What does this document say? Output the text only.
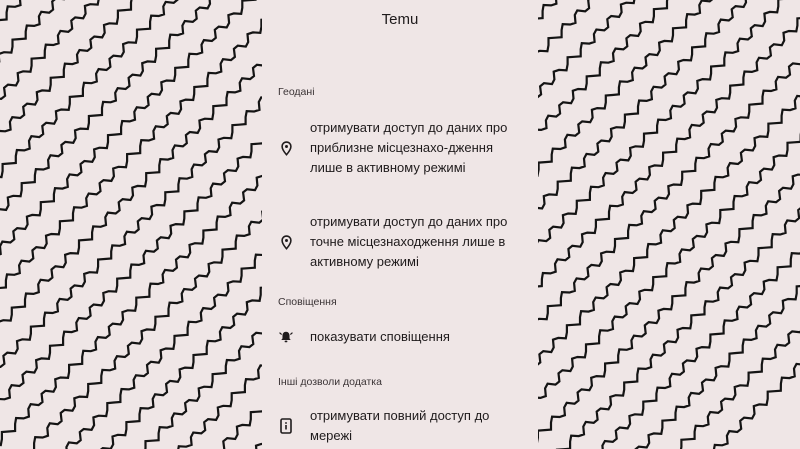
Temu
Геодані
отримувати доступ до даних про приблизне місцезнахо-дження лише в активному режимі
отримувати доступ до даних про точне місцезнаходження лише в активному режимі
Сповіщення
показувати сповіщення
Інші дозволи додатка
отримувати повний доступ до мережі
